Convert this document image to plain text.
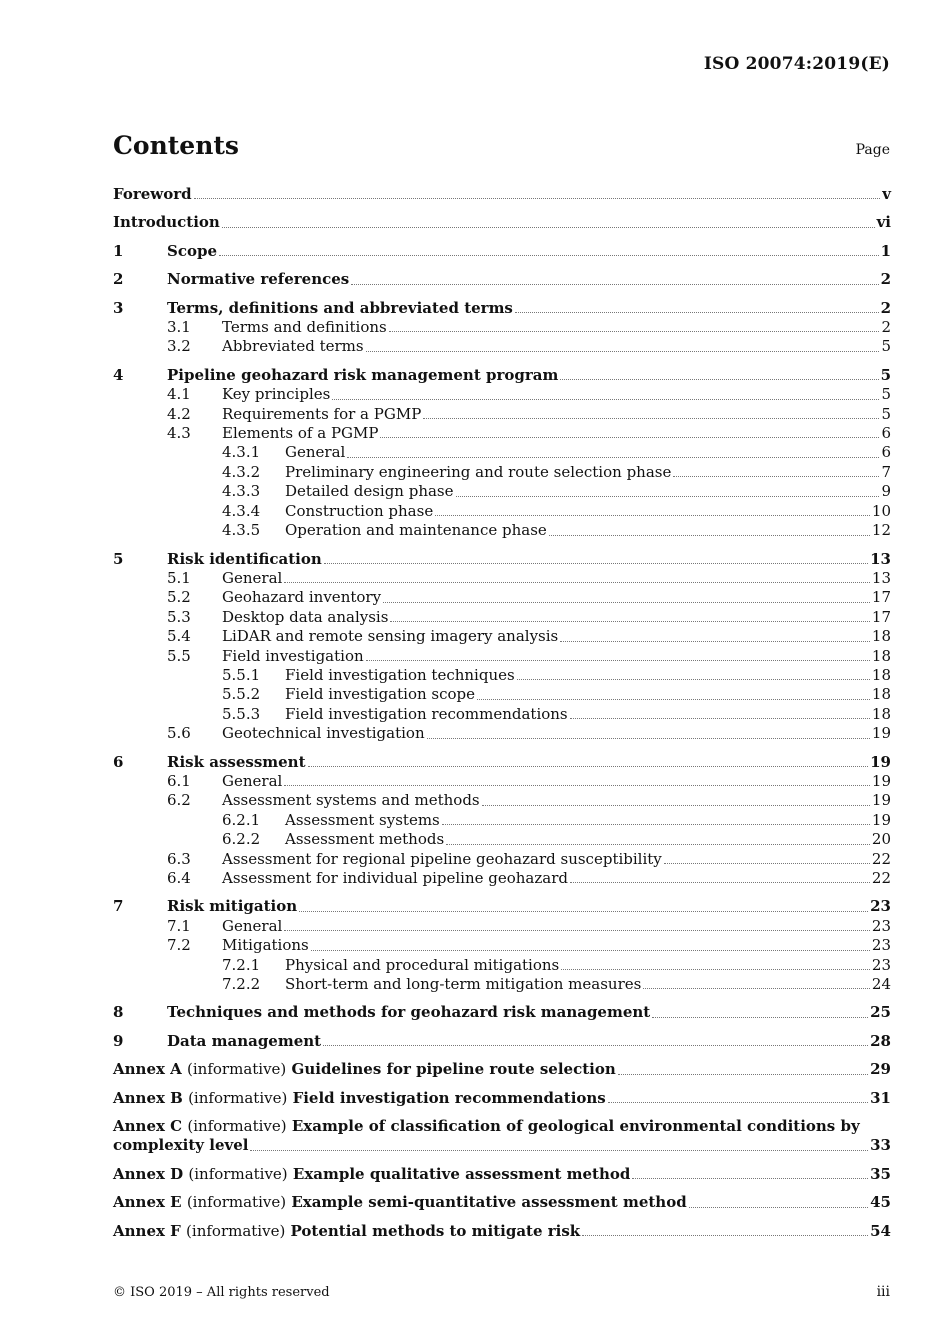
ISO 20074:2019(E)
Contents	Page
Foreword	v
Introduction	vi
1	Scope	1
2	Normative references	2
3	Terms, definitions and abbreviated terms	2
3.1	Terms and definitions	2
3.2	Abbreviated terms	5
4	Pipeline geohazard risk management program	5
4.1	Key principles	5
4.2	Requirements for a PGMP	5
4.3	Elements of a PGMP	6
4.3.1	General	6
4.3.2	Preliminary engineering and route selection phase	7
4.3.3	Detailed design phase	9
4.3.4	Construction phase	10
4.3.5	Operation and maintenance phase	12
5	Risk identification	13
5.1	General	13
5.2	Geohazard inventory	17
5.3	Desktop data analysis	17
5.4	LiDAR and remote sensing imagery analysis	18
5.5	Field investigation	18
5.5.1	Field investigation techniques	18
5.5.2	Field investigation scope	18
5.5.3	Field investigation recommendations	18
5.6	Geotechnical investigation	19
6	Risk assessment	19
6.1	General	19
6.2	Assessment systems and methods	19
6.2.1	Assessment systems	19
6.2.2	Assessment methods	20
6.3	Assessment for regional pipeline geohazard susceptibility	22
6.4	Assessment for individual pipeline geohazard	22
7	Risk mitigation	23
7.1	General	23
7.2	Mitigations	23
7.2.1	Physical and procedural mitigations	23
7.2.2	Short-term and long-term mitigation measures	24
8	Techniques and methods for geohazard risk management	25
9	Data management	28
Annex A (informative) Guidelines for pipeline route selection	29
Annex B (informative) Field investigation recommendations	31
Annex C (informative) Example of classification of geological environmental conditions by
complexity level	33
Annex D (informative) Example qualitative assessment method	35
Annex E (informative) Example semi-quantitative assessment method	45
Annex F (informative) Potential methods to mitigate risk	54
© ISO 2019 – All rights reserved	iii
